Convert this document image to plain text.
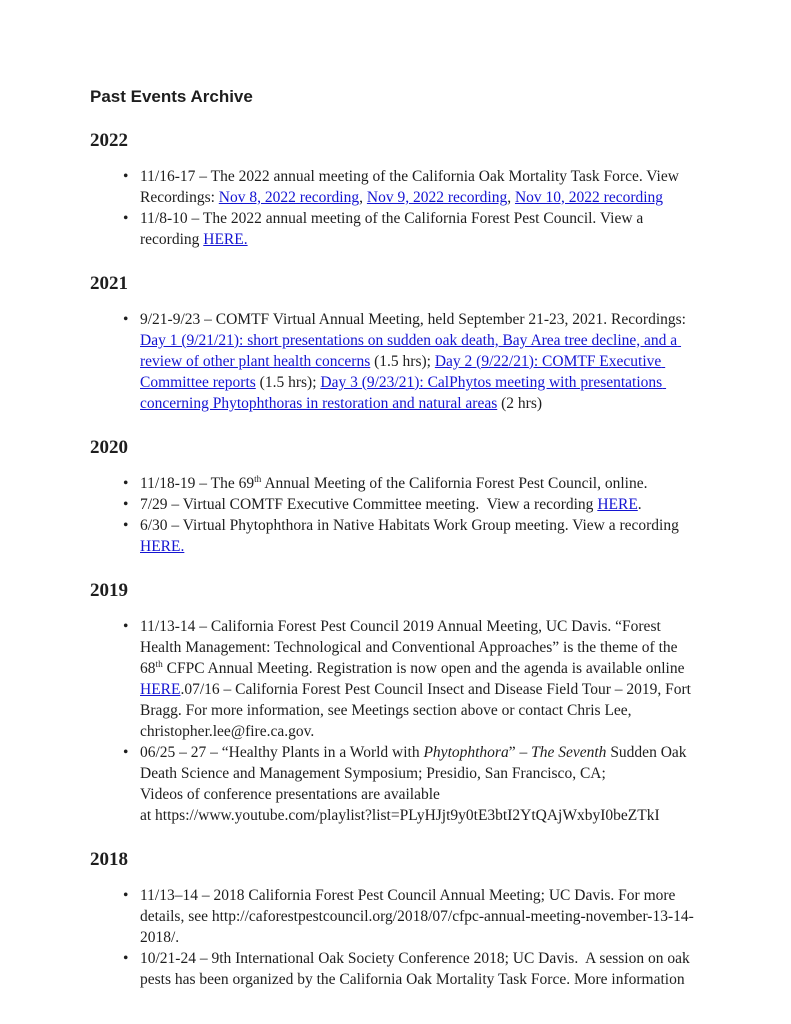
Past Events Archive
2022
• 11/16-17 – The 2022 annual meeting of the California Oak Mortality Task Force. View Recordings: Nov 8, 2022 recording, Nov 9, 2022 recording, Nov 10, 2022 recording
• 11/8-10 – The 2022 annual meeting of the California Forest Pest Council. View a recording HERE.
2021
• 9/21-9/23 – COMTF Virtual Annual Meeting, held September 21-23, 2021. Recordings: Day 1 (9/21/21): short presentations on sudden oak death, Bay Area tree decline, and a review of other plant health concerns (1.5 hrs); Day 2 (9/22/21): COMTF Executive Committee reports (1.5 hrs); Day 3 (9/23/21): CalPhytos meeting with presentations concerning Phytophthoras in restoration and natural areas (2 hrs)
2020
• 11/18-19 – The 69th Annual Meeting of the California Forest Pest Council, online.
• 7/29 – Virtual COMTF Executive Committee meeting.  View a recording HERE.
• 6/30 – Virtual Phytophthora in Native Habitats Work Group meeting. View a recording HERE.
2019
• 11/13-14 – California Forest Pest Council 2019 Annual Meeting, UC Davis. “Forest Health Management: Technological and Conventional Approaches” is the theme of the 68th CFPC Annual Meeting. Registration is now open and the agenda is available online HERE.07/16 – California Forest Pest Council Insect and Disease Field Tour – 2019, Fort Bragg. For more information, see Meetings section above or contact Chris Lee, christopher.lee@fire.ca.gov.
• 06/25 – 27 – “Healthy Plants in a World with Phytophthora” – The Seventh Sudden Oak Death Science and Management Symposium; Presidio, San Francisco, CA;
Videos of conference presentations are available
at https://www.youtube.com/playlist?list=PLyHJjt9y0tE3btI2YtQAjWxbyI0beZTkI
2018
• 11/13–14 – 2018 California Forest Pest Council Annual Meeting; UC Davis. For more details, see http://caforestpestcouncil.org/2018/07/cfpc-annual-meeting-november-13-14-2018/.
• 10/21-24 – 9th International Oak Society Conference 2018; UC Davis.  A session on oak pests has been organized by the California Oak Mortality Task Force. More information
